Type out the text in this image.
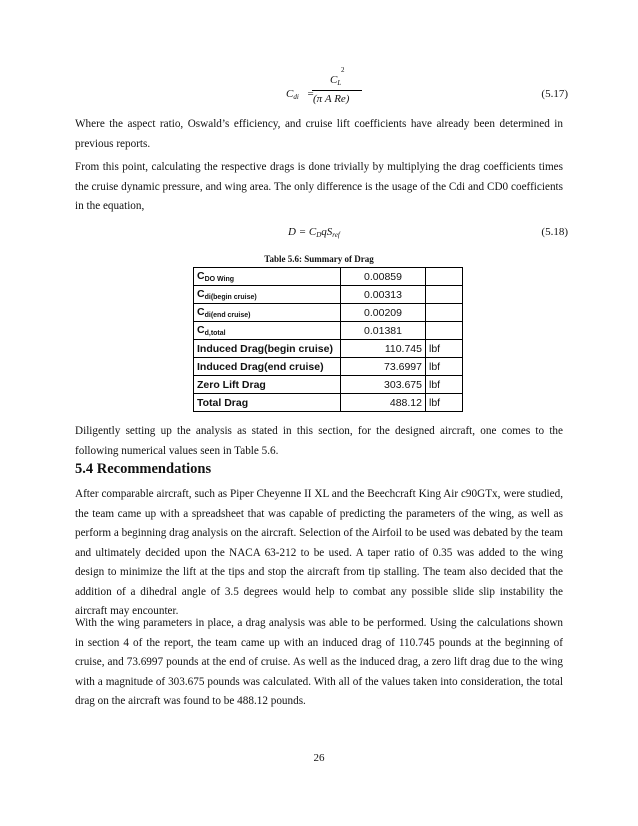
$C_{di}$ =
$C_L$
2
(π A Re)	(5.17)

Where the aspect ratio, Oswald’s efficiency, and cruise lift coefficients have already been determined in previous reports.

From this point, calculating the respective drags is done trivially by multiplying the drag coefficients times the cruise dynamic pressure, and wing area. The only difference is the usage of the Cdi and CD0 coefficients in the equation,

$D = C_DqS_{ref}$	(5.18)
Table 5.6: Summary of Drag
$C_{DO Wing}$	0.00859	
$C_{di(begin cruise)}$	0.00313	
$C_{di(end cruise)}$	0.00209	
$C_{d,total}$	0.01381	
Induced Drag(begin cruise)	110.745	lbf
Induced Drag(end cruise)	73.6997	lbf
Zero Lift Drag	303.675	lbf
Total Drag	488.12	lbf

Diligently setting up the analysis as stated in this section, for the designed aircraft, one comes to the following numerical values seen in Table 5.6.

5.4 Recommendations

After comparable aircraft, such as Piper Cheyenne II XL and the Beechcraft King Air c90GTx, were studied, the team came up with a spreadsheet that was capable of predicting the parameters of the wing, as well as perform a beginning drag analysis on the aircraft. Selection of the Airfoil to be used was debated by the team and ultimately decided upon the NACA 63-212 to be used. A taper ratio of 0.35 was added to the wing design to minimize the lift at the tips and stop the aircraft from tip stalling. The team also decided that the addition of a dihedral angle of 3.5 degrees would help to combat any possible slide slip instability the aircraft may encounter.

With the wing parameters in place, a drag analysis was able to be performed. Using the calculations shown in section 4 of the report, the team came up with an induced drag of 110.745 pounds at the beginning of cruise, and 73.6997 pounds at the end of cruise. As well as the induced drag, a zero lift drag due to the wing with a magnitude of 303.675 pounds was calculated. With all of the values taken into consideration, the total drag on the aircraft was found to be 488.12 pounds.

26
